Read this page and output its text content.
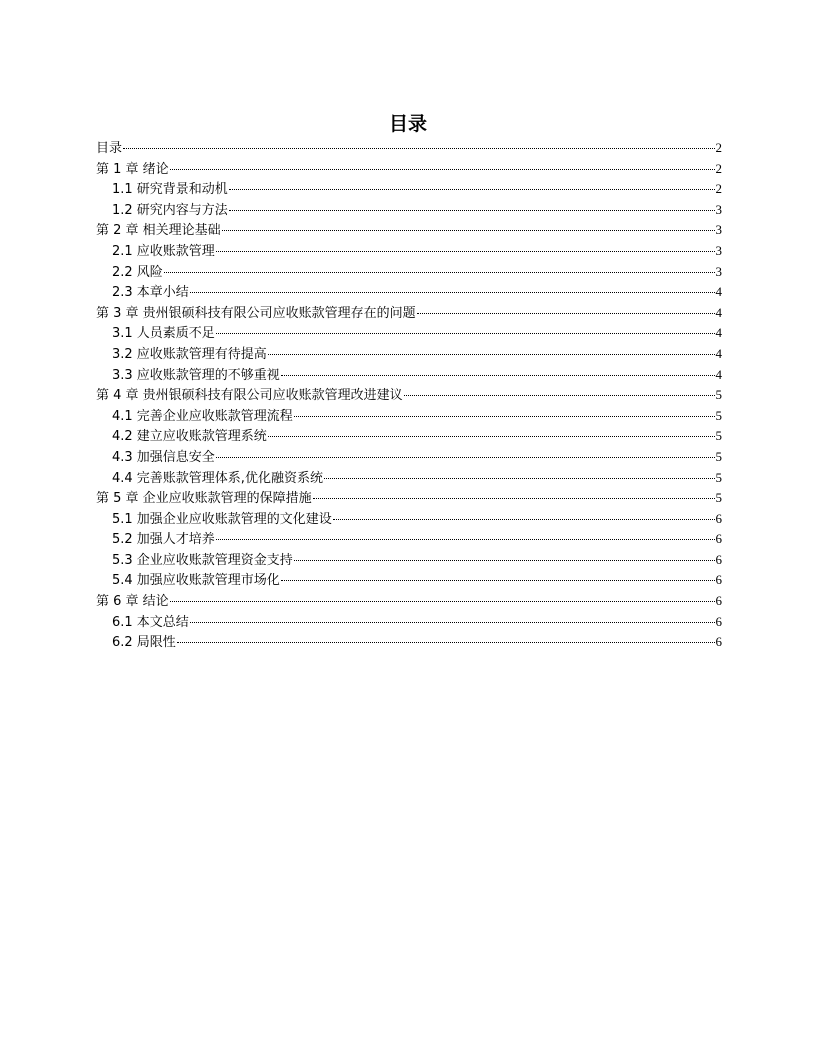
目录
目录	2
第 1 章 绪论	2
1.1 研究背景和动机	2
1.2 研究内容与方法	3
第 2 章 相关理论基础	3
2.1 应收账款管理	3
2.2 风险	3
2.3 本章小结	4
第 3 章 贵州银硕科技有限公司应收账款管理存在的问题	4
3.1 人员素质不足	4
3.2 应收账款管理有待提高	4
3.3 应收账款管理的不够重视	4
第 4 章 贵州银硕科技有限公司应收账款管理改进建议	5
4.1 完善企业应收账款管理流程	5
4.2 建立应收账款管理系统	5
4.3 加强信息安全	5
4.4 完善账款管理体系,优化融资系统	5
第 5 章 企业应收账款管理的保障措施	5
5.1 加强企业应收账款管理的文化建设	6
5.2 加强人才培养	6
5.3 企业应收账款管理资金支持	6
5.4 加强应收账款管理市场化	6
第 6 章 结论	6
6.1 本文总结	6
6.2 局限性	6
